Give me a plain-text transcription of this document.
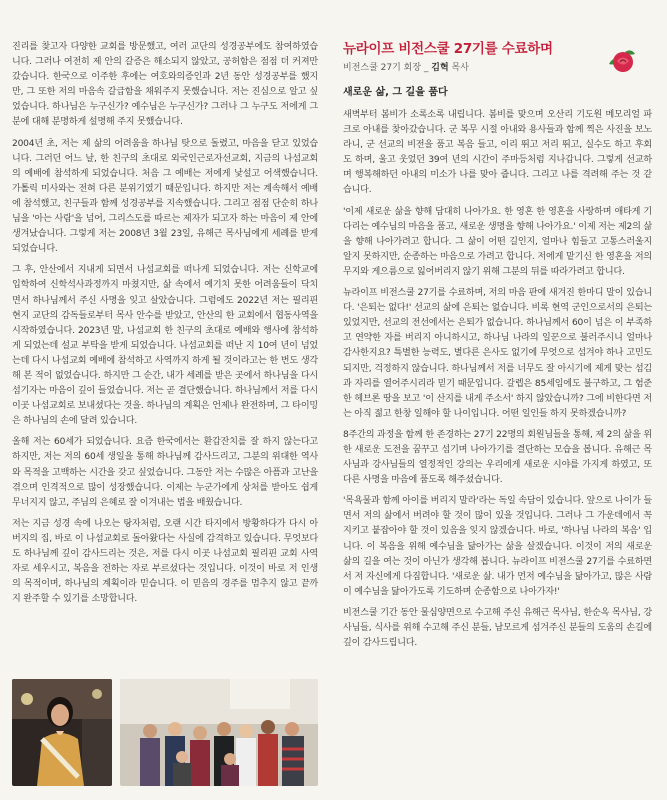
진리를 찾고자 다양한 교회를 방문했고, 여러 교단의 성경공부에도 참여하였습니다. 그러나 여전히 제 안의 갈증은 해소되지 않았고, 공허함은 점점 더 커져만 갔습니다. 한국으로 이주한 후에는 여호와의증인과 2년 동안 성경공부를 했지만, 그 또한 저의 마음속 갈급함을 채워주지 못했습니다. 저는 진심으로 알고 싶었습니다. 하나님은 누구신가? 예수님은 누구신가? 그러나 그 누구도 저에게 그분에 대해 분명하게 설명해 주지 못했습니다.

2004년 초, 저는 제 삶의 어려움을 하나님 탓으로 돌렸고, 마음을 닫고 있었습니다. 그러던 어느 날, 한 친구의 초대로 외국인근로자선교회, 지금의 나섬교회의 예배에 참석하게 되었습니다. 처음 그 예배는 저에게 낯설고 어색했습니다. 가톨릭 미사와는 전혀 다른 분위기였기 때문입니다. 하지만 저는 계속해서 예배에 참석했고, 친구들과 함께 성경공부를 지속했습니다. 그리고 점점 단순히 하나님을 '아는 사람'을 넘어, 그리스도를 따르는 제자가 되고자 하는 마음이 제 안에 생겨났습니다. 그렇게 저는 2008년 3월 23일, 유해근 목사님에게 세례를 받게 되었습니다.

그 후, 안산에서 지내게 되면서 나섬교회를 떠나게 되었습니다. 저는 신학교에 입학하여 신학석사과정까지 마쳤지만, 삶 속에서 예기치 못한 어려움들이 닥치면서 하나님께서 주신 사명을 잊고 살았습니다. 그럼에도 2022년 저는 필리핀 현지 교단의 감독들로부터 목사 안수를 받았고, 안산의 한 교회에서 협동사역을 시작하였습니다. 2023년 말, 나섬교회 한 친구의 초대로 예배와 행사에 참석하게 되었는데 설교 부탁을 받게 되었습니다. 나섬교회를 떠난 지 10여 년이 넘었는데 다시 나섬교회 예배에 참석하고 사역까지 하게 될 것이라고는 한 번도 생각해 본 적이 없었습니다. 하지만 그 순간, 내가 세례를 받은 곳에서 하나님을 다시 섬기자는 마음이 깊이 들었습니다. 저는 곧 결단했습니다. 하나님께서 저를 다시 이곳 나섬교회로 보내셨다는 것을. 하나님의 계획은 언제나 완전하며, 그 타이밍은 하나님의 손에 달려 있습니다.

올해 저는 60세가 되었습니다. 요즘 한국에서는 환갑잔치를 잘 하지 않는다고 하지만, 저는 저의 60세 생일을 통해 하나님께 감사드리고, 그분의 위대한 역사와 목적을 고백하는 시간을 갖고 싶었습니다. 그동안 저는 수많은 아픔과 고난을 겪으며 인격적으로 많이 성장했습니다. 이제는 누군가에게 상처를 받아도 쉽게 무너지지 않고, 주님의 은혜로 잘 이겨내는 법을 배웠습니다.

저는 지금 성경 속에 나오는 탕자처럼, 오랜 시간 타지에서 방황하다가 다시 아버지의 집, 바로 이 나섬교회로 돌아왔다는 사실에 감격하고 있습니다. 무엇보다도 하나님께 깊이 감사드리는 것은, 저를 다시 이곳 나섬교회 필리핀 교회 사역자로 세우시고, 복음을 전하는 자로 부르셨다는 것입니다. 이것이 바로 저 인생의 목적이며, 하나님의 계획이라 믿습니다. 이 믿음의 경주를 멈추지 않고 끝까지 완주할 수 있기를 소망합니다.

뉴라이프 비전스쿨 27기를 수료하며

비전스쿨 27기 회장 _ 김혁 목사

새로운 삶, 그 길을 품다

새벽부터 봄비가 소록소록 내립니다. 봄비를 맞으며 오산리 기도원 메모리얼 파크로 아내를 찾아갔습니다. 군 복무 시절 아내와 용사들과 함께 찍은 사진을 보노라니, 군 선교의 비전을 품고 복음 들고, 이리 뛰고 저리 뛰고, 실수도 하고 후회도 하며, 울고 웃었던 39여 년의 시간이 주마등처럼 지나갑니다. 그렇게 선교하며 행복해하던 아내의 미소가 나를 맞아 줍니다. 그리고 나를 격려해 주는 것 같습니다.

'이제 새로운 삶을 향해 담대히 나아가요. 한 영혼 한 영혼을 사랑하며 애타게 기다리는 예수님의 마음을 품고, 새로운 생명을 향해 나아가요.' 이제 저는 제2의 삶을 향해 나아가려고 합니다. 그 삶이 어떤 길인지, 얼마나 힘들고 고통스러울지 알지 못하지만, 순종하는 마음으로 가려고 합니다. 저에게 맡기신 한 영혼을 저의 무지와 게으름으로 잃어버리지 않기 위해 그분의 뒤를 따라가려고 합니다.

뉴라이프 비전스쿨 27기를 수료하며, 저의 마음 판에 새겨진 한마디 말이 있습니다. '은퇴는 없다!' 선교의 삶에 은퇴는 없습니다. 비록 현역 군인으로서의 은퇴는 있었지만, 선교의 전선에서는 은퇴가 없습니다. 하나님께서 60이 넘은 이 부족하고 연약한 자를 버리지 아니하시고, 하나님 나라의 일꾼으로 불러주시니 얼마나 감사한지요? 특별한 능력도, 별다른 은사도 없기에 무엇으로 섬겨야 하나 고민도 되지만, 걱정하지 않습니다. 하나님께서 저를 너무도 잘 아시기에 제게 맞는 섬김과 자리를 열어주시리라 믿기 때문입니다. 갈렙은 85세임에도 불구하고, 그 험준한 헤브론 땅을 보고 '이 산지를 내게 주소서' 하지 않았습니까? 그에 비한다면 저는 아직 젊고 한창 일해야 할 나이입니다. 어떤 일인들 하지 못하겠습니까?

8주간의 과정을 함께 한 존경하는 27기 22명의 회원님들을 통해, 제 2의 삶을 위한 새로운 도전을 꿈꾸고 섬기며 나아가기를 결단하는 모습을 봅니다. 유해근 목사님과 강사님들의 열정적인 강의는 우리에게 새로운 시야를 가지게 하였고, 또 다른 사명을 마음에 품도록 해주셨습니다.

'목욕물과 함께 아이를 버리지 말라'라는 독일 속담이 있습니다. 앞으로 나이가 들면서 저의 삶에서 버려야 할 것이 많이 있을 것입니다. 그러나 그 가운데에서 꼭 지키고 붙잡아야 할 것이 있음을 잊지 않겠습니다. 바로, '하나님 나라의 복음' 입니다. 이 복음을 위해 예수님을 닮아가는 삶을 살겠습니다. 이것이 저의 새로운 삶의 길을 여는 것이 아닌가 생각해 봅니다. 뉴라이프 비전스쿨 27기를 수료하면서 저 자신에게 다짐합니다. '새로운 삶. 내가 먼저 예수님을 닮아가고, 많은 사람이 예수님을 닮아가도록 기도하며 순종함으로 나아가자!'

비전스쿨 기간 동안 물심양면으로 수고해 주신 유해근 목사님, 한순옥 목사님, 강사님들, 식사를 위해 수고해 주신 분들, 남모르게 섬겨주신 분들의 도움의 손길에 깊이 감사드립니다.
